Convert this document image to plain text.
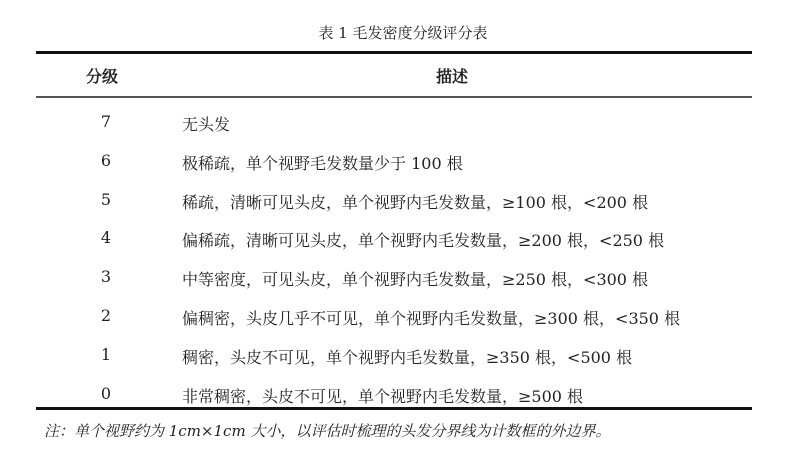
表 1 毛发密度分级评分表
分级	描述
7	无头发
6	极稀疏，单个视野毛发数量少于 100 根
5	稀疏，清晰可见头皮，单个视野内毛发数量，≥100 根，<200 根
4	偏稀疏，清晰可见头皮，单个视野内毛发数量，≥200 根，<250 根
3	中等密度，可见头皮，单个视野内毛发数量，≥250 根，<300 根
2	偏稠密，头皮几乎不可见，单个视野内毛发数量，≥300 根，<350 根
1	稠密，头皮不可见，单个视野内毛发数量，≥350 根，<500 根
0	非常稠密，头皮不可见，单个视野内毛发数量，≥500 根
注：单个视野约为 1cm×1cm 大小，以评估时梳理的头发分界线为计数框的外边界。
